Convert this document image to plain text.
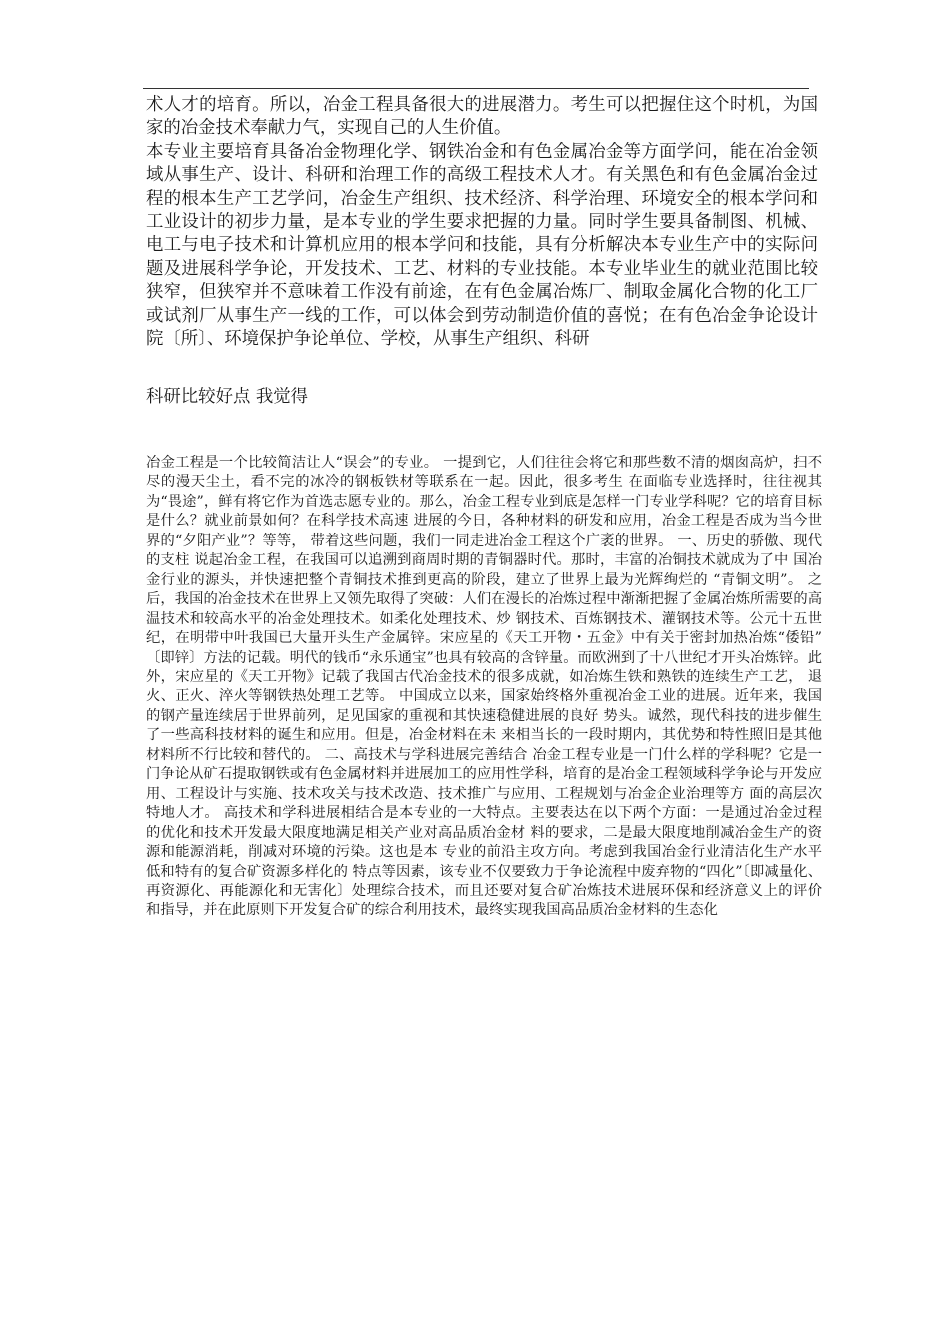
术人才的培育。所以，冶金工程具备很大的进展潜力。考生可以把握住这个时机，为国家的冶金技术奉献力气，实现自己的人生价值。

本专业主要培育具备冶金物理化学、钢铁冶金和有色金属冶金等方面学问，能在冶金领域从事生产、设计、科研和治理工作的高级工程技术人才。有关黑色和有色金属冶金过程的根本生产工艺学问，冶金生产组织、技术经济、科学治理、环境安全的根本学问和工业设计的初步力量，是本专业的学生要求把握的力量。同时学生要具备制图、机械、电工与电子技术和计算机应用的根本学问和技能，具有分析解决本专业生产中的实际问题及进展科学争论，开发技术、工艺、材料的专业技能。本专业毕业生的就业范围比较狭窄，但狭窄并不意味着工作没有前途，在有色金属冶炼厂、制取金属化合物的化工厂或试剂厂从事生产一线的工作，可以体会到劳动制造价值的喜悦；在有色冶金争论设计院〔所〕、环境保护争论单位、学校，从事生产组织、科研

科研比较好点 我觉得

冶金工程是一个比较简洁让人“误会”的专业。 一提到它，人们往往会将它和那些数不清的烟囱高炉，扫不尽的漫天尘土，看不完的冰冷的钢板铁材等联系在一起。因此，很多考生 在面临专业选择时，往往视其为“畏途”，鲜有将它作为首选志愿专业的。那么，冶金工程专业到底是怎样一门专业学科呢？它的培育目标是什么？就业前景如何？在科学技术高速 进展的今日，各种材料的研发和应用，冶金工程是否成为当今世界的“夕阳产业”？等等， 带着这些问题，我们一同走进冶金工程这个广袤的世界。 一、历史的骄傲、现代的支柱 说起冶金工程，在我国可以追溯到商周时期的青铜器时代。那时，丰富的冶铜技术就成为了中 国冶金行业的源头，并快速把整个青铜技术推到更高的阶段，建立了世界上最为光辉绚烂的 “青铜文明”。 之后，我国的冶金技术在世界上又领先取得了突破：人们在漫长的冶炼过程中渐渐把握了金属冶炼所需要的高温技术和较高水平的冶金处理技术。如柔化处理技术、炒 钢技术、百炼钢技术、灌钢技术等。公元十五世纪，在明带中叶我国已大量开头生产金属锌。宋应星的《天工开物・五金》中有关于密封加热冶炼“倭铅” 〔即锌〕方法的记载。明代的钱币“永乐通宝”也具有较高的含锌量。而欧洲到了十八世纪才开头冶炼锌。此外，宋应星的《天工开物》记载了我国古代冶金技术的很多成就，如冶炼生铁和熟铁的连续生产工艺， 退火、正火、淬火等钢铁热处理工艺等。 中国成立以来，国家始终格外重视冶金工业的进展。近年来，我国的钢产量连续居于世界前列，足见国家的重视和其快速稳健进展的良好 势头。诚然，现代科技的进步催生了一些高科技材料的诞生和应用。但是，冶金材料在未 来相当长的一段时期内，其优势和特性照旧是其他材料所不行比较和替代的。 二、高技术与学科进展完善结合 冶金工程专业是一门什么样的学科呢？它是一门争论从矿石提取钢铁或有色金属材料并进展加工的应用性学科，培育的是冶金工程领域科学争论与开发应用、工程设计与实施、技术攻关与技术改造、技术推广与应用、工程规划与冶金企业治理等方 面的高层次特地人才。 高技术和学科进展相结合是本专业的一大特点。主要表达在以下两个方面：一是通过冶金过程的优化和技术开发最大限度地满足相关产业对高品质冶金材 料的要求，二是最大限度地削减冶金生产的资源和能源消耗，削减对环境的污染。这也是本 专业的前沿主攻方向。考虑到我国冶金行业清洁化生产水平低和特有的复合矿资源多样化的 特点等因素，该专业不仅要致力于争论流程中废弃物的“四化”〔即减量化、再资源化、再能源化和无害化〕处理综合技术，而且还要对复合矿冶炼技术进展环保和经济意义上的评价 和指导，并在此原则下开发复合矿的综合利用技术，最终实现我国高品质冶金材料的生态化
